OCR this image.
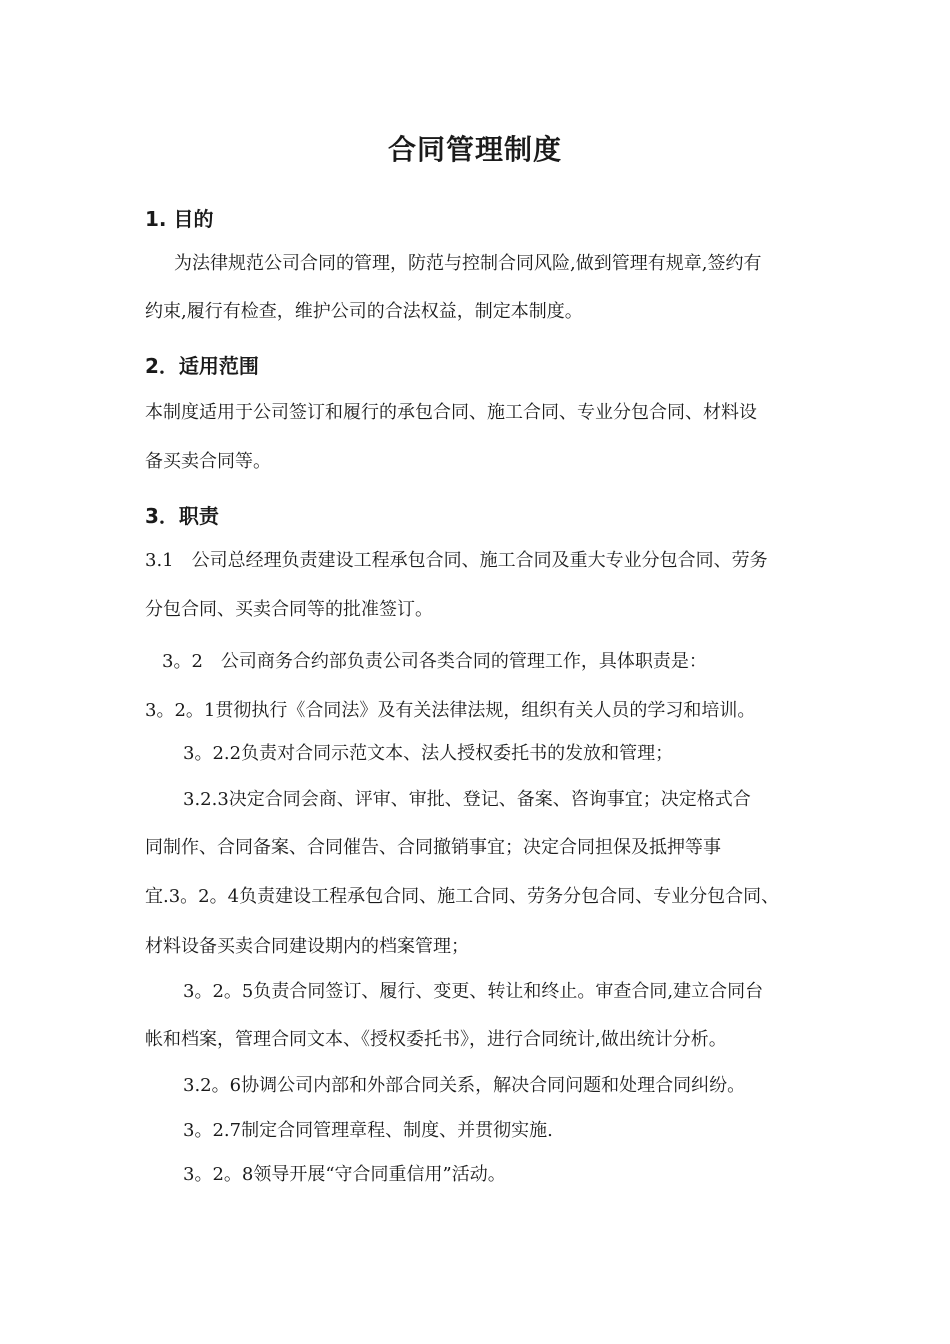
合同管理制度
1. 目的
为法律规范公司合同的管理，防范与控制合同风险,做到管理有规章,签约有
约束,履行有检查，维护公司的合法权益，制定本制度。
2．适用范围
本制度适用于公司签订和履行的承包合同、施工合同、专业分包合同、材料设
备买卖合同等。
3．职责
3.1　公司总经理负责建设工程承包合同、施工合同及重大专业分包合同、劳务
分包合同、买卖合同等的批准签订。
3。2　公司商务合约部负责公司各类合同的管理工作，具体职责是：
3。2。1贯彻执行《合同法》及有关法律法规，组织有关人员的学习和培训。
3。2.2负责对合同示范文本、法人授权委托书的发放和管理；
3.2.3决定合同会商、评审、审批、登记、备案、咨询事宜；决定格式合
同制作、合同备案、合同催告、合同撤销事宜；决定合同担保及抵押等事
宜.3。2。4负责建设工程承包合同、施工合同、劳务分包合同、专业分包合同、
材料设备买卖合同建设期内的档案管理；
3。2。5负责合同签订、履行、变更、转让和终止。审查合同,建立合同台
帐和档案，管理合同文本、《授权委托书》，进行合同统计,做出统计分析。
3.2。6协调公司内部和外部合同关系，解决合同问题和处理合同纠纷。
3。2.7制定合同管理章程、制度、并贯彻实施.
3。2。8领导开展“守合同重信用”活动。
